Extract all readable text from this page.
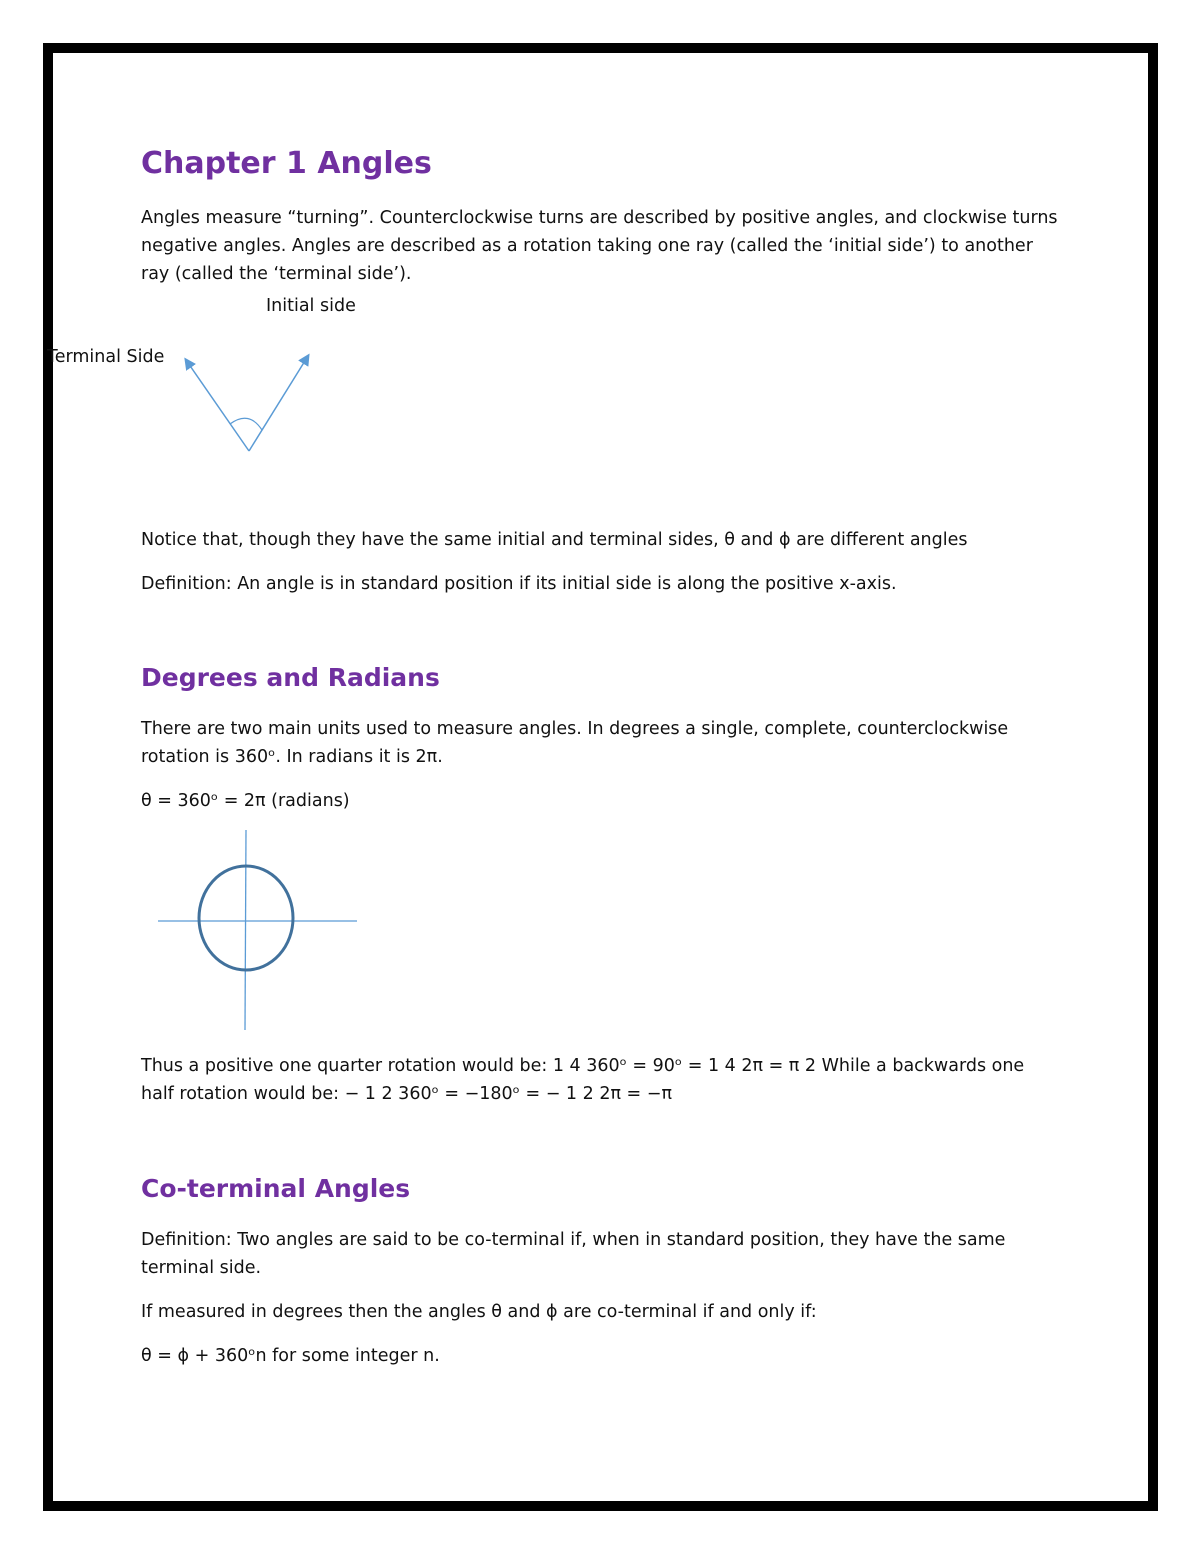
Chapter 1 Angles

Angles measure “turning”. Counterclockwise turns are described by positive angles, and clockwise turns negative angles. Angles are described as a rotation taking one ray (called the ‘initial side’) to another ray (called the ‘terminal side’).

Initial side
Terminal Side

Notice that, though they have the same initial and terminal sides, θ and ϕ are different angles

Definition: An angle is in standard position if its initial side is along the positive x-axis.

Degrees and Radians

There are two main units used to measure angles. In degrees a single, complete, counterclockwise rotation is 360ᵒ. In radians it is 2π.

θ = 360ᵒ = 2π (radians)

Thus a positive one quarter rotation would be: 1 4 360ᵒ = 90ᵒ = 1 4 2π = π 2 While a backwards one half rotation would be: − 1 2 360ᵒ = −180ᵒ = − 1 2 2π = −π

Co-terminal Angles

Definition: Two angles are said to be co-terminal if, when in standard position, they have the same terminal side.

If measured in degrees then the angles θ and ϕ are co-terminal if and only if:

θ = ϕ + 360ᵒn for some integer n.
